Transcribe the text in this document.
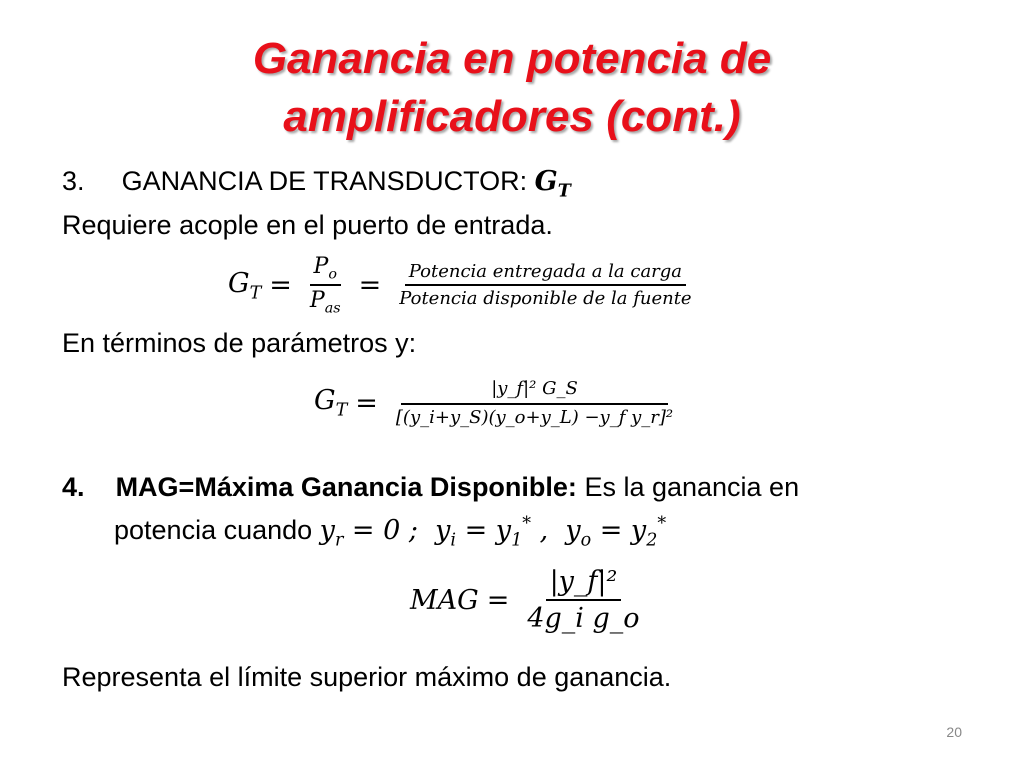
Ganancia en potencia de
amplificadores (cont.)
3. GANANCIA DE TRANSDUCTOR: $G_T$
Requiere acople en el puerto de entrada.
$G_T = \frac{P_o}{P_{as}} = \frac{\text{Potencia entregada a la carga}}{\text{Potencia disponible de la fuente}}$
En términos de parámetros y:
$G_T = \frac{\text{|y\_f|² G\_S}}{\text{[(y\_i+y\_S)(y\_o+y\_L) −y\_f y\_r]²}}$
4. MAG=Máxima Ganancia Disponible: Es la ganancia en
potencia cuando $y_r = 0$ ;  $y_i = y_1^*$ ,  $y_o = y_2^*$
MAG = $\frac{\text{|y\_f|²}}{\text{4g\_i g\_o}}$
Representa el límite superior máximo de ganancia.
20
